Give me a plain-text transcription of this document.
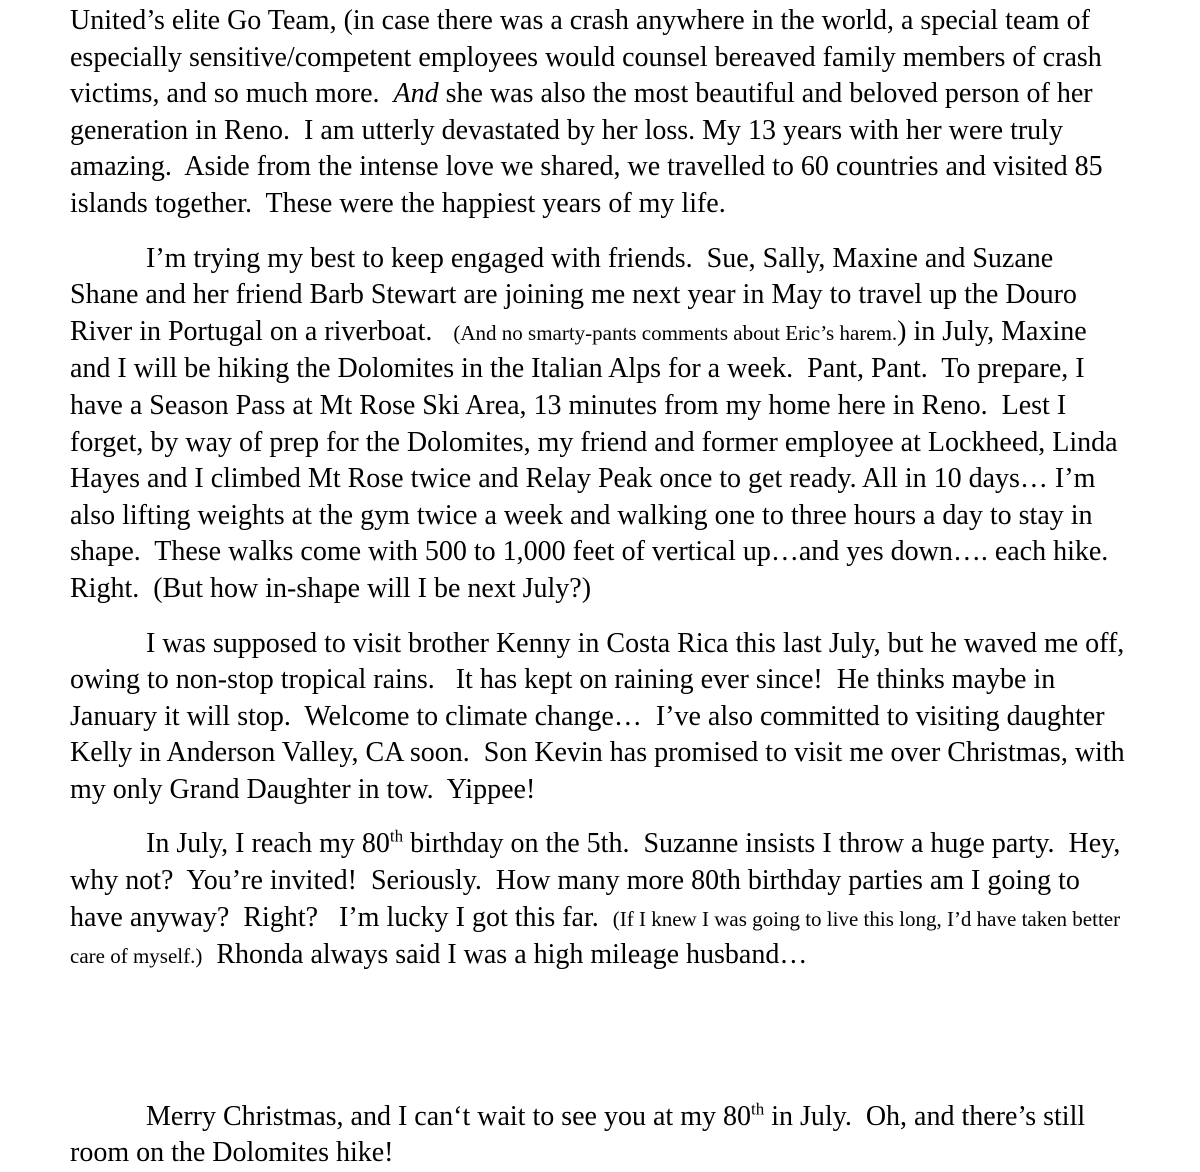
United’s elite Go Team, (in case there was a crash anywhere in the world, a special team of especially sensitive/competent employees would counsel bereaved family members of crash victims, and so much more.  And she was also the most beautiful and beloved person of her generation in Reno.  I am utterly devastated by her loss. My 13 years with her were truly amazing.  Aside from the intense love we shared, we travelled to 60 countries and visited 85 islands together.  These were the happiest years of my life.

I’m trying my best to keep engaged with friends.  Sue, Sally, Maxine and Suzane Shane and her friend Barb Stewart are joining me next year in May to travel up the Douro River in Portugal on a riverboat.   (And no smarty-pants comments about Eric’s harem.) in July, Maxine and I will be hiking the Dolomites in the Italian Alps for a week.  Pant, Pant.  To prepare, I have a Season Pass at Mt Rose Ski Area, 13 minutes from my home here in Reno.  Lest I forget, by way of prep for the Dolomites, my friend and former employee at Lockheed, Linda Hayes and I climbed Mt Rose twice and Relay Peak once to get ready. All in 10 days… I’m also lifting weights at the gym twice a week and walking one to three hours a day to stay in shape.  These walks come with 500 to 1,000 feet of vertical up…and yes down…. each hike. Right.  (But how in-shape will I be next July?)

I was supposed to visit brother Kenny in Costa Rica this last July, but he waved me off, owing to non-stop tropical rains.   It has kept on raining ever since!  He thinks maybe in January it will stop.  Welcome to climate change…  I’ve also committed to visiting daughter Kelly in Anderson Valley, CA soon.  Son Kevin has promised to visit me over Christmas, with my only Grand Daughter in tow.  Yippee!

In July, I reach my 80th birthday on the 5th.  Suzanne insists I throw a huge party.  Hey, why not?  You’re invited!  Seriously.  How many more 80th birthday parties am I going to have anyway?  Right?   I’m lucky I got this far.  (If I knew I was going to live this long, I’d have taken better care of myself.)  Rhonda always said I was a high mileage husband…

Merry Christmas, and I can‘t wait to see you at my 80th in July.  Oh, and there’s still room on the Dolomites hike!
